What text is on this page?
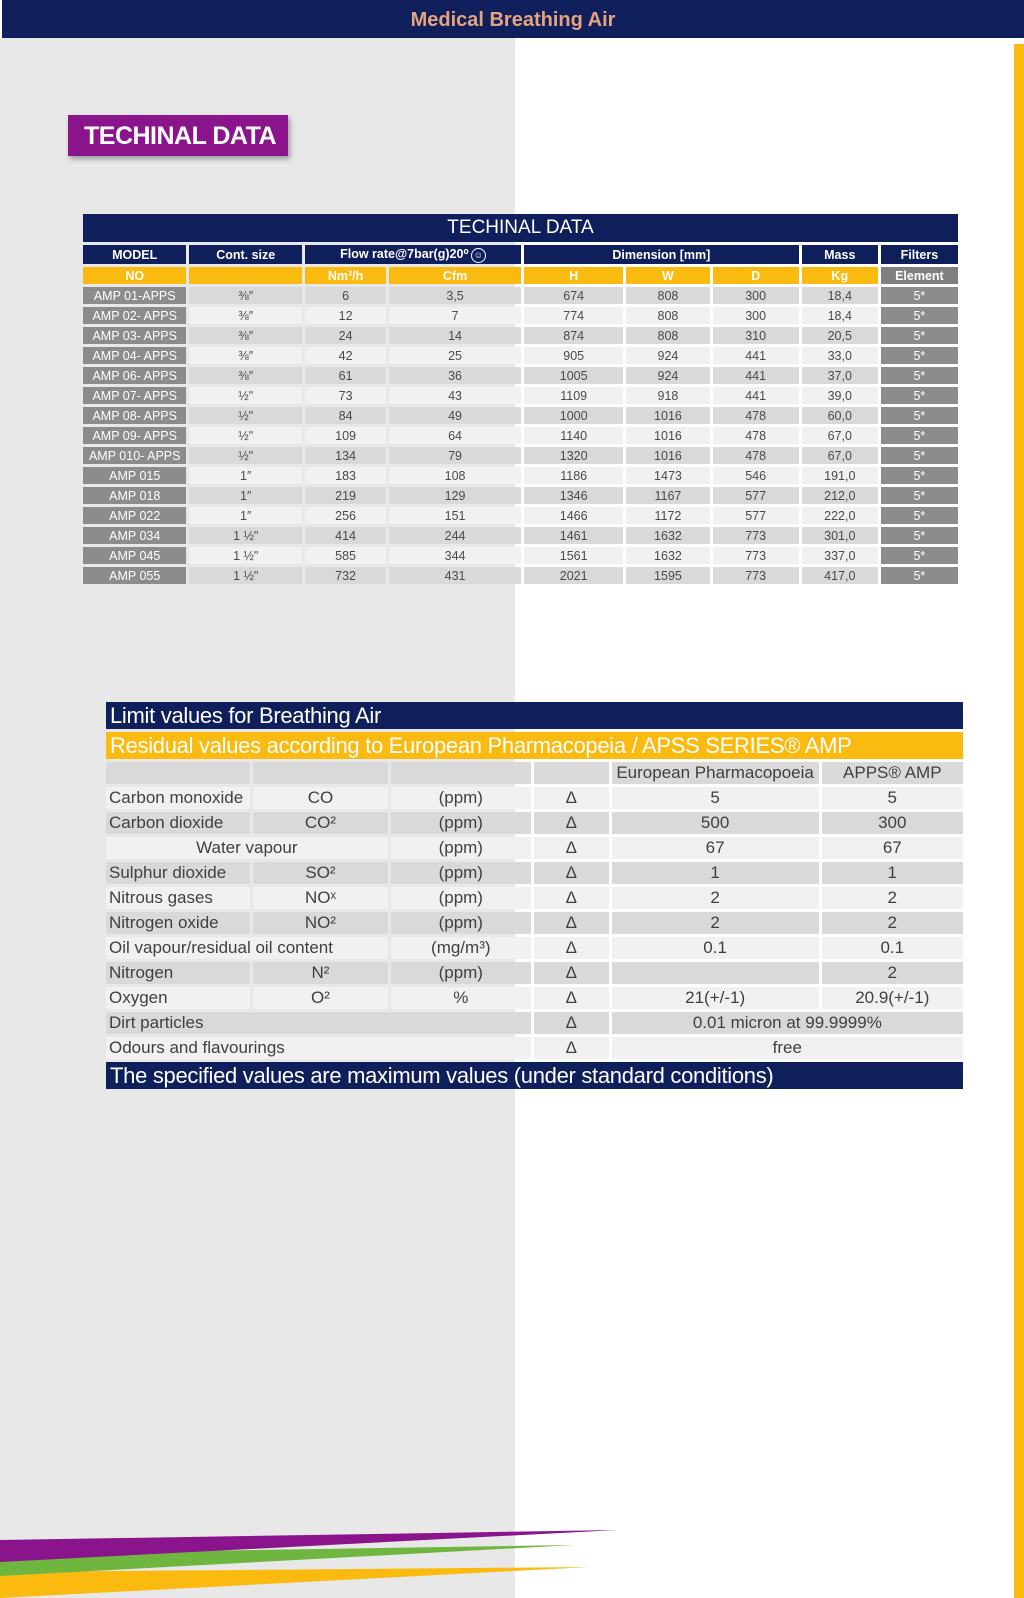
Medical Breathing Air
TECHINAL DATA
TECHINAL DATA								
MODEL	Cont. size	Flow rate@7bar(g)20⁰ ☺		Dimension [mm]			Mass	Filters
NO		Nm³/h	Cfm	H	W	D	Kg	Element
AMP 01-APPS	⅜″	6	3,5	674	808	300	18,4	5*
AMP 02- APPS	⅜″	12	7	774	808	300	18,4	5*
AMP 03- APPS	⅜″	24	14	874	808	310	20,5	5*
AMP 04- APPS	⅜″	42	25	905	924	441	33,0	5*
AMP 06- APPS	⅜″	61	36	1005	924	441	37,0	5*
AMP 07- APPS	½"	73	43	1109	918	441	39,0	5*
AMP 08- APPS	½"	84	49	1000	1016	478	60,0	5*
AMP 09- APPS	½"	109	64	1140	1016	478	67,0	5*
AMP 010- APPS	½"	134	79	1320	1016	478	67,0	5*
AMP 015	1″	183	108	1186	1473	546	191,0	5*
AMP 018	1″	219	129	1346	1167	577	212,0	5*
AMP 022	1″	256	151	1466	1172	577	222,0	5*
AMP 034	1 ½"	414	244	1461	1632	773	301,0	5*
AMP 045	1 ½"	585	344	1561	1632	773	337,0	5*
AMP 055	1 ½"	732	431	2021	1595	773	417,0	5*
Limit values for Breathing Air					
Residual values according to European Pharmacopeia / APSS SERIES® AMP					
				European Pharmacopoeia	APPS® AMP
Carbon monoxide	CO	(ppm)	Δ	5	5
Carbon dioxide	CO²	(ppm)	Δ	500	300
Water vapour		(ppm)	Δ	67	67
Sulphur dioxide	SO²	(ppm)	Δ	1	1
Nitrous gases	NOˣ	(ppm)	Δ	2	2
Nitrogen oxide	NO²	(ppm)	Δ	2	2
Oil vapour/residual oil content		(mg/m³)	Δ	0.1	0.1
Nitrogen	N²	(ppm)	Δ		2
Oxygen	O²	%	Δ	21(+/-1)	20.9(+/-1)
Dirt particles			Δ	0.01 micron at 99.9999%	
Odours and flavourings			Δ	free	
The specified values are maximum values (under standard conditions)					
